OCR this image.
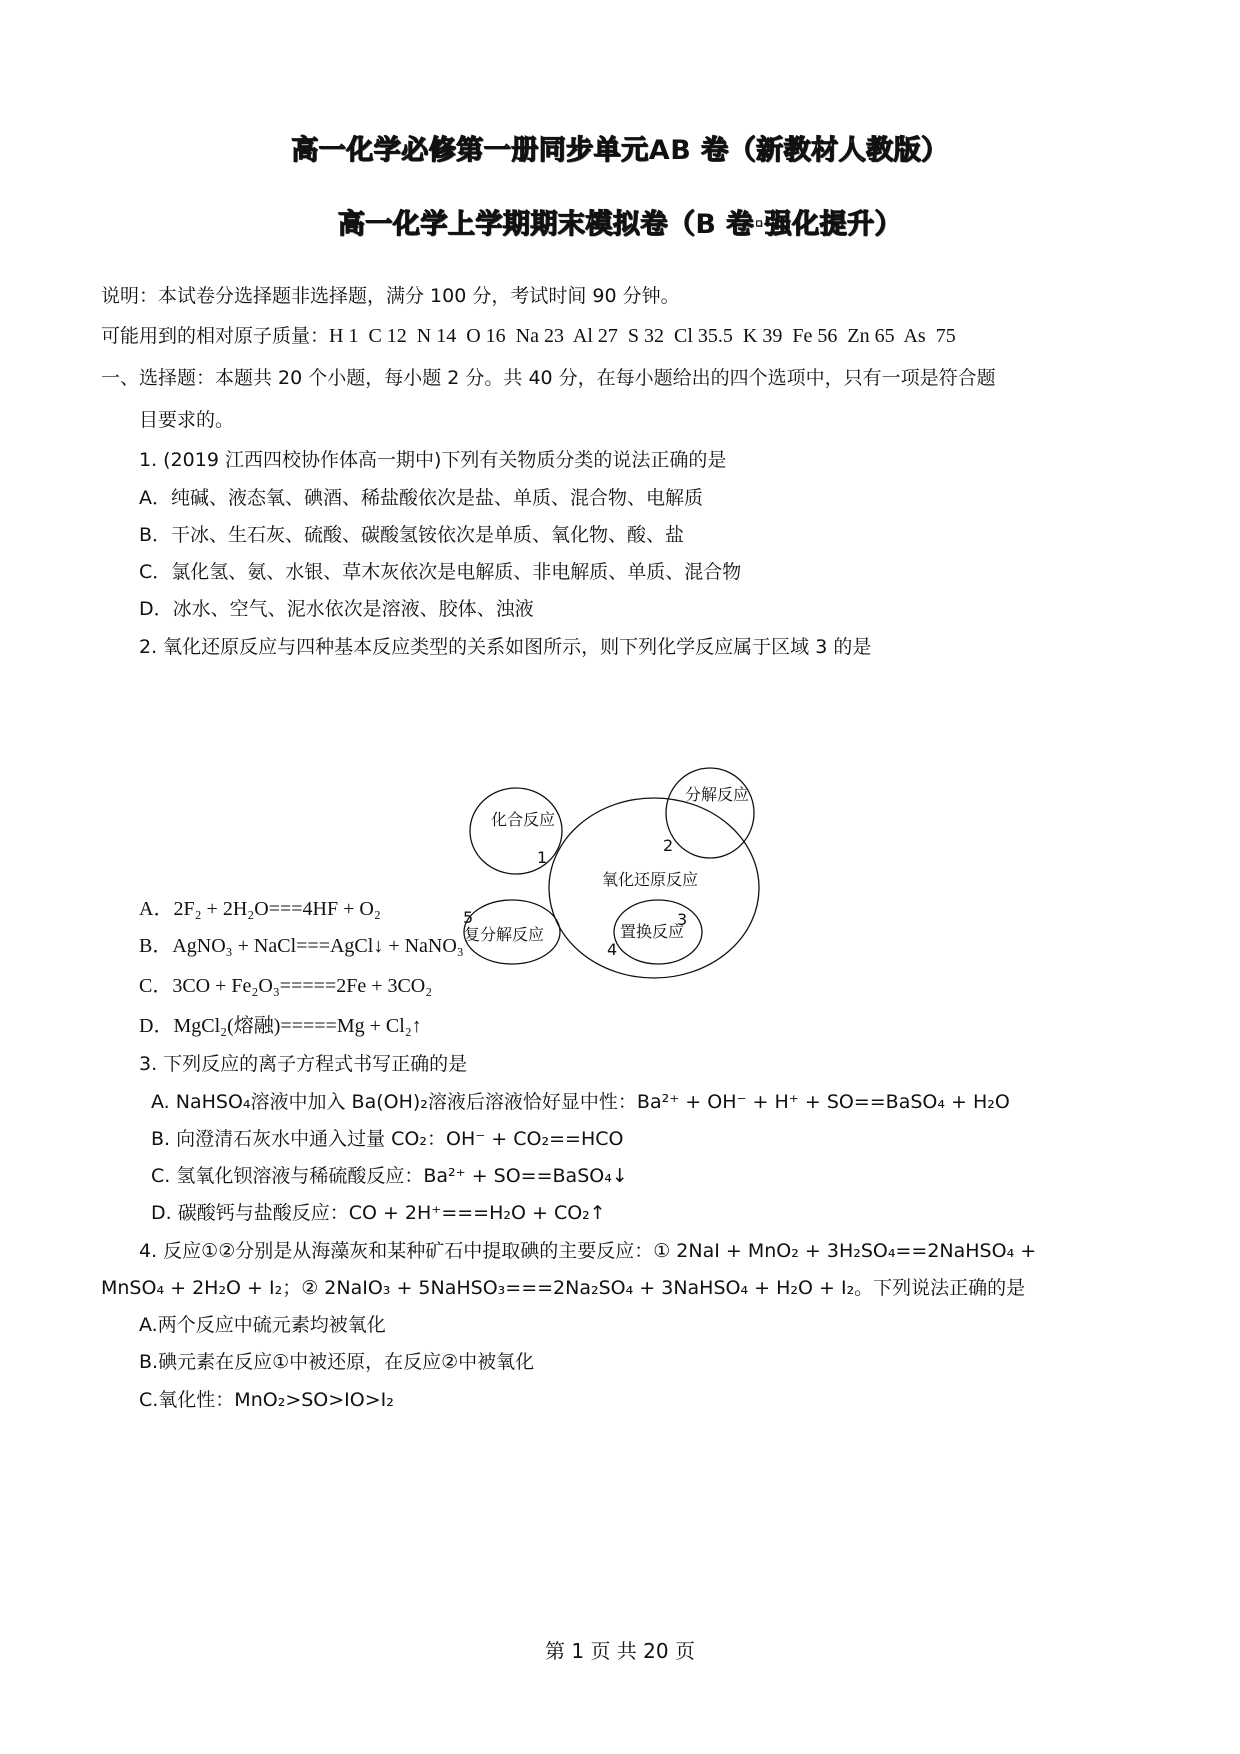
高一化学必修第一册同步单元AB 卷（新教材人教版）
高一化学上学期期末模拟卷（B 卷·强化提升）
说明：本试卷分选择题非选择题，满分 100 分，考试时间 90 分钟。
可能用到的相对原子质量：H 1  C 12  N 14  O 16  Na 23  Al 27  S 32  Cl 35.5  K 39  Fe 56  Zn 65  As  75
一、选择题：本题共 20 个小题，每小题 2 分。共 40 分，在每小题给出的四个选项中，只有一项是符合题
目要求的。
1. (2019 江西四校协作体高一期中)下列有关物质分类的说法正确的是
A．纯碱、液态氧、碘酒、稀盐酸依次是盐、单质、混合物、电解质
B．干冰、生石灰、硫酸、碳酸氢铵依次是单质、氧化物、酸、盐
C．氯化氢、氨、水银、草木灰依次是电解质、非电解质、单质、混合物
D．冰水、空气、泥水依次是溶液、胶体、浊液
2. 氧化还原反应与四种基本反应类型的关系如图所示，则下列化学反应属于区域 3 的是
化合反应
分解反应
氧化还原反应
复分解反应	置换反应
1
2
3
4
5
A．2F₂ + 2H₂O===4HF + O₂
B．AgNO₃ + NaCl===AgCl↓ + NaNO₃
C．3CO + Fe₂O₃=====2Fe + 3CO₂
D．MgCl₂(熔融)=====Mg + Cl₂↑
3. 下列反应的离子方程式书写正确的是
A. NaHSO₄溶液中加入 Ba(OH)₂溶液后溶液恰好显中性：Ba²⁺ + OH⁻ + H⁺ + SO==BaSO₄ + H₂O
B. 向澄清石灰水中通入过量 CO₂：OH⁻ + CO₂==HCO
C. 氢氧化钡溶液与稀硫酸反应：Ba²⁺ + SO==BaSO₄↓
D. 碳酸钙与盐酸反应：CO + 2H⁺===H₂O + CO₂↑
4. 反应①②分别是从海藻灰和某种矿石中提取碘的主要反应：① 2NaI + MnO₂ + 3H₂SO₄==2NaHSO₄ +
MnSO₄ + 2H₂O + I₂；② 2NaIO₃ + 5NaHSO₃===2Na₂SO₄ + 3NaHSO₄ + H₂O + I₂。下列说法正确的是
A.两个反应中硫元素均被氧化
B.碘元素在反应①中被还原，在反应②中被氧化
C.氧化性：MnO₂>SO>IO>I₂
第 1 页 共 20 页
